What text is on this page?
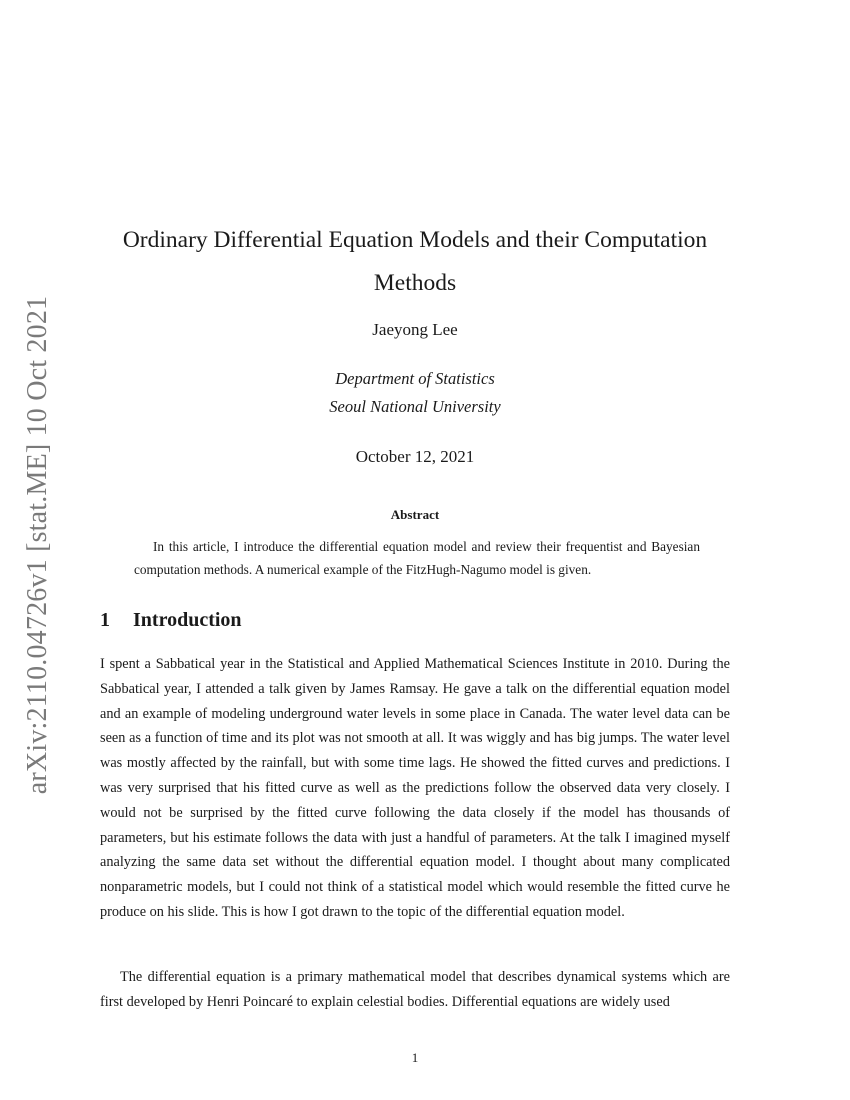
arXiv:2110.04726v1 [stat.ME] 10 Oct 2021
Ordinary Differential Equation Models and their Computation Methods
Jaeyong Lee
Department of Statistics
Seoul National University
October 12, 2021
Abstract

In this article, I introduce the differential equation model and review their frequentist and Bayesian computation methods. A numerical example of the FitzHugh-Nagumo model is given.

1 Introduction

I spent a Sabbatical year in the Statistical and Applied Mathematical Sciences Institute in 2010. During the Sabbatical year, I attended a talk given by James Ramsay. He gave a talk on the differential equation model and an example of modeling underground water levels in some place in Canada. The water level data can be seen as a function of time and its plot was not smooth at all. It was wiggly and has big jumps. The water level was mostly affected by the rainfall, but with some time lags. He showed the fitted curves and predictions. I was very surprised that his fitted curve as well as the predictions follow the observed data very closely. I would not be surprised by the fitted curve following the data closely if the model has thousands of parameters, but his estimate follows the data with just a handful of parameters. At the talk I imagined myself analyzing the same data set without the differential equation model. I thought about many complicated nonparametric models, but I could not think of a statistical model which would resemble the fitted curve he produce on his slide. This is how I got drawn to the topic of the differential equation model.

The differential equation is a primary mathematical model that describes dynamical systems which are first developed by Henri Poincaré to explain celestial bodies. Differential equations are widely used

1
